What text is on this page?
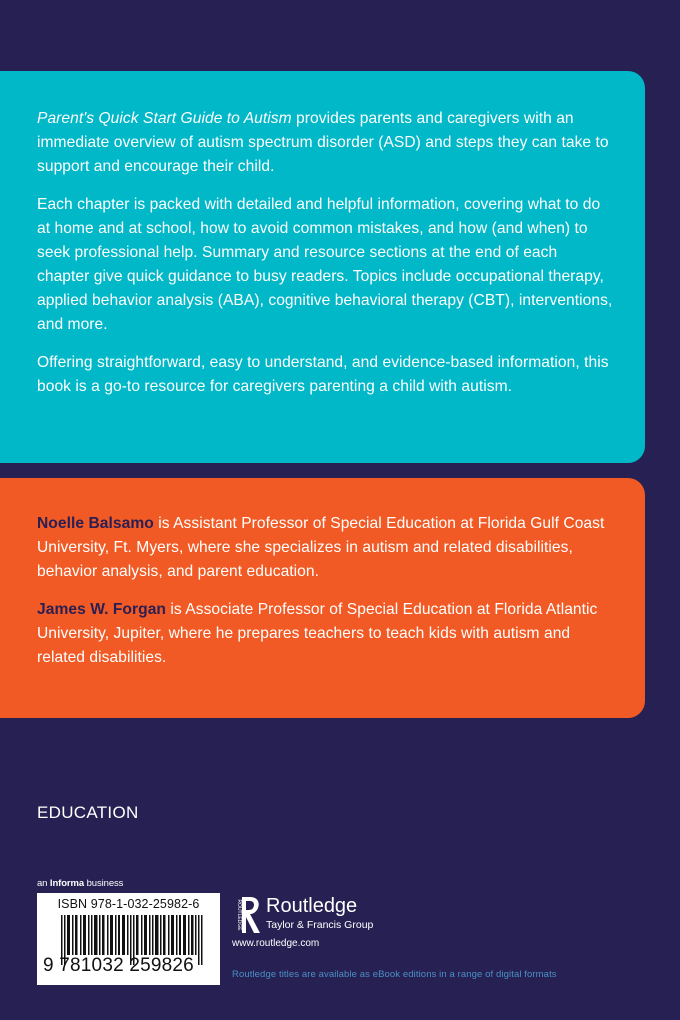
Parent's Quick Start Guide to Autism provides parents and caregivers with an immediate overview of autism spectrum disorder (ASD) and steps they can take to support and encourage their child.

Each chapter is packed with detailed and helpful information, covering what to do at home and at school, how to avoid common mistakes, and how (and when) to seek professional help. Summary and resource sections at the end of each chapter give quick guidance to busy readers. Topics include occupational therapy, applied behavior analysis (ABA), cognitive behavioral therapy (CBT), interventions, and more.

Offering straightforward, easy to understand, and evidence-based information, this book is a go-to resource for caregivers parenting a child with autism.

Noelle Balsamo is Assistant Professor of Special Education at Florida Gulf Coast University, Ft. Myers, where she specializes in autism and related disabilities, behavior analysis, and parent education.

James W. Forgan is Associate Professor of Special Education at Florida Atlantic University, Jupiter, where he prepares teachers to teach kids with autism and related disabilities.

EDUCATION
an Informa business
ISBN 978-1-032-25982-6
9 781032 259826
ROUTLEDGE Routledge
Taylor & Francis Group
www.routledge.com
Routledge titles are available as eBook editions in a range of digital formats
